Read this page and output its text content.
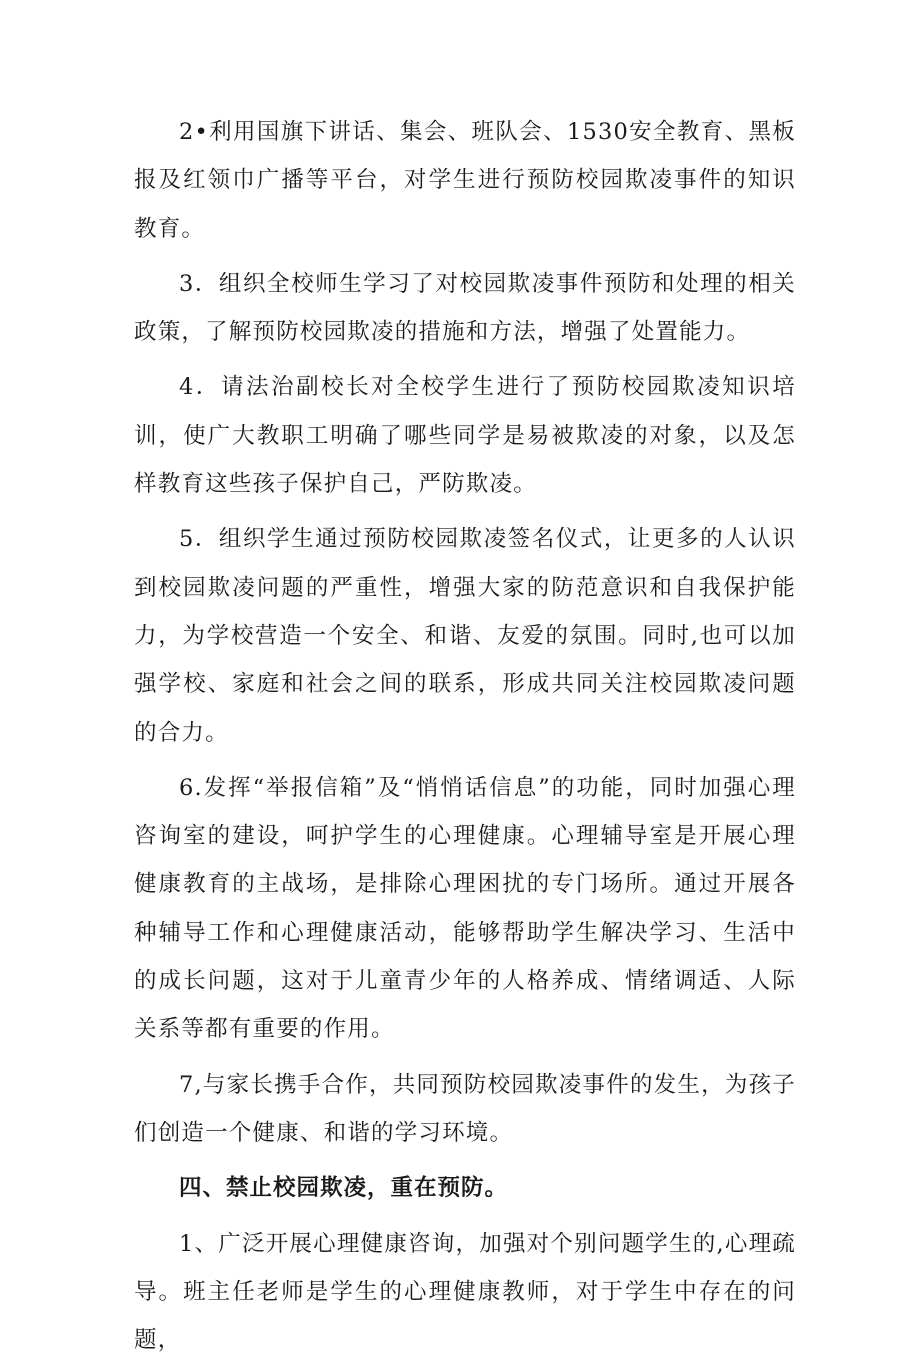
2•利用国旗下讲话、集会、班队会、1530安全教育、黑板报及红领巾广播等平台，对学生进行预防校园欺凌事件的知识教育。

3．组织全校师生学习了对校园欺凌事件预防和处理的相关政策，了解预防校园欺凌的措施和方法，增强了处置能力。

4．请法治副校长对全校学生进行了预防校园欺凌知识培训，使广大教职工明确了哪些同学是易被欺凌的对象，以及怎样教育这些孩子保护自己，严防欺凌。

5．组织学生通过预防校园欺凌签名仪式，让更多的人认识到校园欺凌问题的严重性，增强大家的防范意识和自我保护能力，为学校营造一个安全、和谐、友爱的氛围。同时,也可以加强学校、家庭和社会之间的联系，形成共同关注校园欺凌问题的合力。

6.发挥“举报信箱”及“悄悄话信息”的功能，同时加强心理咨询室的建设，呵护学生的心理健康。心理辅导室是开展心理健康教育的主战场，是排除心理困扰的专门场所。通过开展各种辅导工作和心理健康活动，能够帮助学生解决学习、生活中的成长问题，这对于儿童青少年的人格养成、情绪调适、人际关系等都有重要的作用。

7,与家长携手合作，共同预防校园欺凌事件的发生，为孩子们创造一个健康、和谐的学习环境。

四、禁止校园欺凌，重在预防。

1、广泛开展心理健康咨询，加强对个别问题学生的,心理疏导。班主任老师是学生的心理健康教师，对于学生中存在的问题，
